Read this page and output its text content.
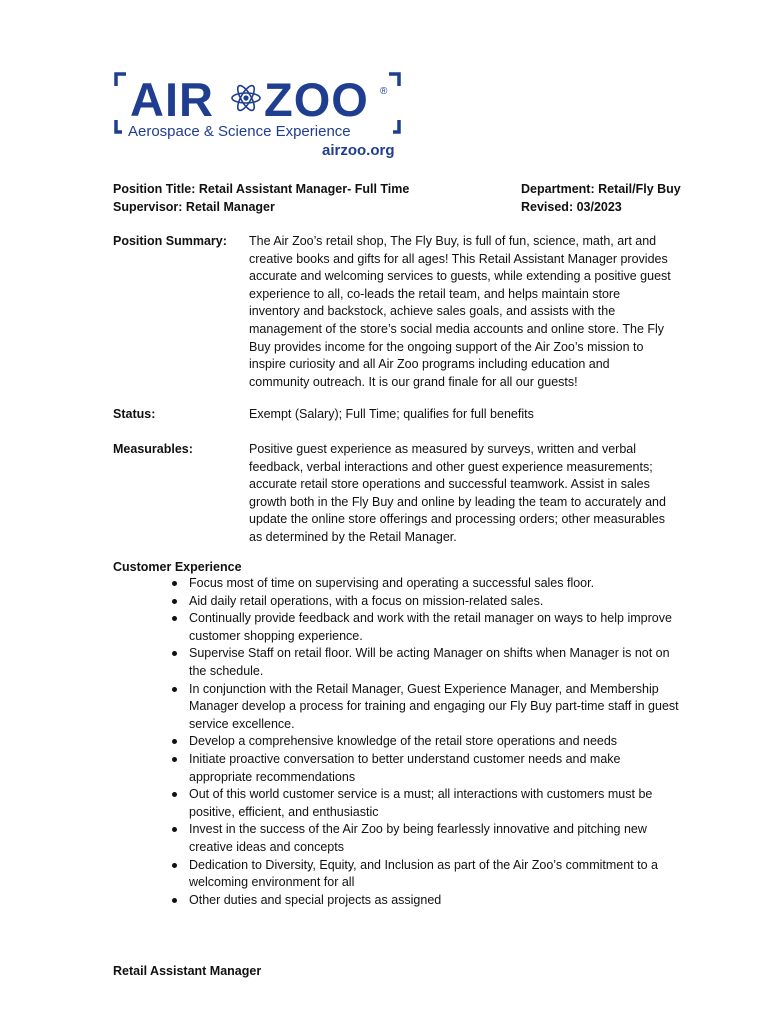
AIR ZOO ®
Aerospace & Science Experience
airzoo.org
Position Title: Retail Assistant Manager- Full Time
Supervisor: Retail Manager
Department: Retail/Fly Buy
Revised: 03/2023
Position Summary: The Air Zoo’s retail shop, The Fly Buy, is full of fun, science, math, art and
creative books and gifts for all ages! This Retail Assistant Manager provides
accurate and welcoming services to guests, while extending a positive guest
experience to all, co-leads the retail team, and helps maintain store
inventory and backstock, achieve sales goals, and assists with the
management of the store’s social media accounts and online store. The Fly
Buy provides income for the ongoing support of the Air Zoo’s mission to
inspire curiosity and all Air Zoo programs including education and
community outreach. It is our grand finale for all our guests!
Status:	Exempt (Salary); Full Time; qualifies for full benefits
Measurables:	Positive guest experience as measured by surveys, written and verbal
feedback, verbal interactions and other guest experience measurements;
accurate retail store operations and successful teamwork. Assist in sales
growth both in the Fly Buy and online by leading the team to accurately and
update the online store offerings and processing orders; other measurables
as determined by the Retail Manager.
Customer Experience
Focus most of time on supervising and operating a successful sales floor.
Aid daily retail operations, with a focus on mission-related sales.
Continually provide feedback and work with the retail manager on ways to help improve
customer shopping experience.
Supervise Staff on retail floor. Will be acting Manager on shifts when Manager is not on
the schedule.
In conjunction with the Retail Manager, Guest Experience Manager, and Membership
Manager develop a process for training and engaging our Fly Buy part-time staff in guest
service excellence.
Develop a comprehensive knowledge of the retail store operations and needs
Initiate proactive conversation to better understand customer needs and make
appropriate recommendations
Out of this world customer service is a must; all interactions with customers must be
positive, efficient, and enthusiastic
Invest in the success of the Air Zoo by being fearlessly innovative and pitching new
creative ideas and concepts
Dedication to Diversity, Equity, and Inclusion as part of the Air Zoo’s commitment to a
welcoming environment for all
Other duties and special projects as assigned
Retail Assistant Manager
